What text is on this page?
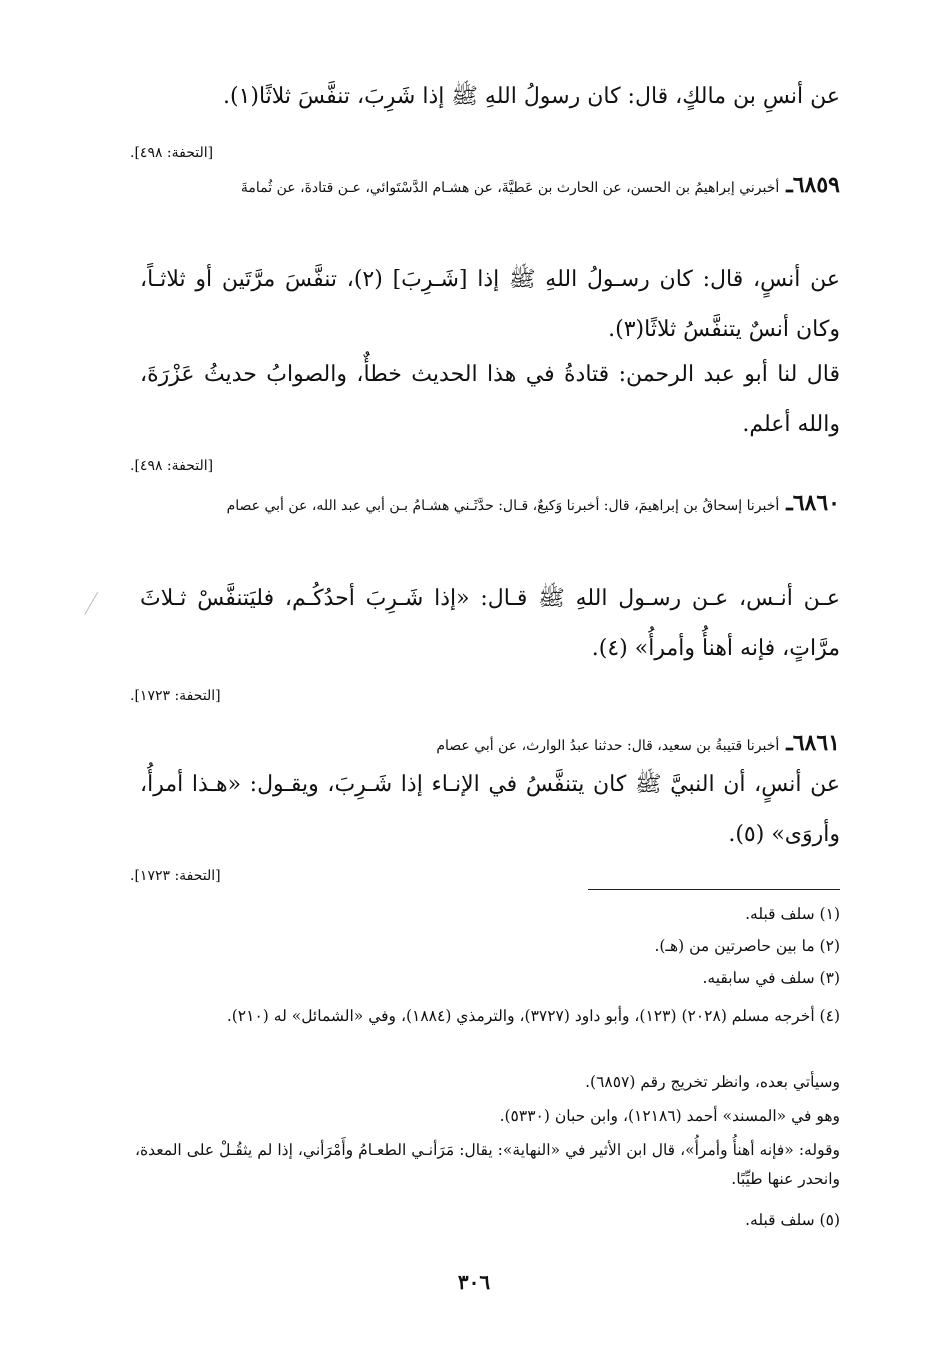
عن أنسِ بن مالكٍ، قال: كان رسولُ اللهِ ﷺ إذا شَرِبَ، تنفَّسَ ثلاثًا(١).
[التحفة: ٤٩٨].
٦٨٥٩ـ أخبرني إبراهيمُ بن الحسن، عن الحارث بن عَطيَّةَ، عن هشـام الدَّسْتَوائي، عـن قتادةَ، عن ثُمامةَ
عن أنسٍ، قال: كان رسـولُ اللهِ ﷺ إذا [شَـرِبَ] (٢)، تنفَّسَ مرَّتَين أو ثلاثـاً، وكان أنسٌ يتنفَّسُ ثلاثًا(٣).
قال لنا أبو عبد الرحمن: قتادةُ في هذا الحديث خطأٌ، والصوابُ حديثُ عَزْرَةَ، والله أعلم.
[التحفة: ٤٩٨].
٦٨٦٠ـ أخبرنا إسحاقُ بن إبراهيمَ، قال: أخبرنا وَكيعٌ، قـال: حدَّثَـني هشـامُ بـن أبي عبد الله، عن أبي عصام
عـن أنـس، عـن رسـول اللهِ ﷺ قـال: «إذا شَـرِبَ أحدُكُـم، فليَتنفَّسْ ثـلاثَ مرَّاتٍ، فإنه أهنأُ وأمرأُ» (٤).
[التحفة: ١٧٢٣].
٦٨٦١ـ أخبرنا قتيبةُ بن سعيد، قال: حدثنا عبدُ الوارث، عن أبي عصام
عن أنسٍ، أن النبيَّ ﷺ كان يتنفَّسُ في الإنـاء إذا شَـرِبَ، ويقـول: «هـذا أمرأُ، وأروَى» (٥).
[التحفة: ١٧٢٣].
(١) سلف قبله.
(٢) ما بين حاصرتين من (هـ).
(٣) سلف في سابقيه.
(٤) أخرجه مسلم (٢٠٢٨) (١٢٣)، وأبو داود (٣٧٢٧)، والترمذي (١٨٨٤)، وفي «الشمائل» له (٢١٠).
وسيأتي بعده، وانظر تخريج رقم (٦٨٥٧).
وهو في «المسند» أحمد (١٢١٨٦)، وابن حبان (٥٣٣٠).
وقوله: «فإنه أهنأُ وأمرأُ»، قال ابن الأثير في «النهاية»: يقال: مَرَأنـي الطعـامُ وأَمْرَأني، إذا لم يثقُـلْ على المعدة، وانحدر عنها طيِّبًا.
(٥) سلف قبله.
٣٠٦
